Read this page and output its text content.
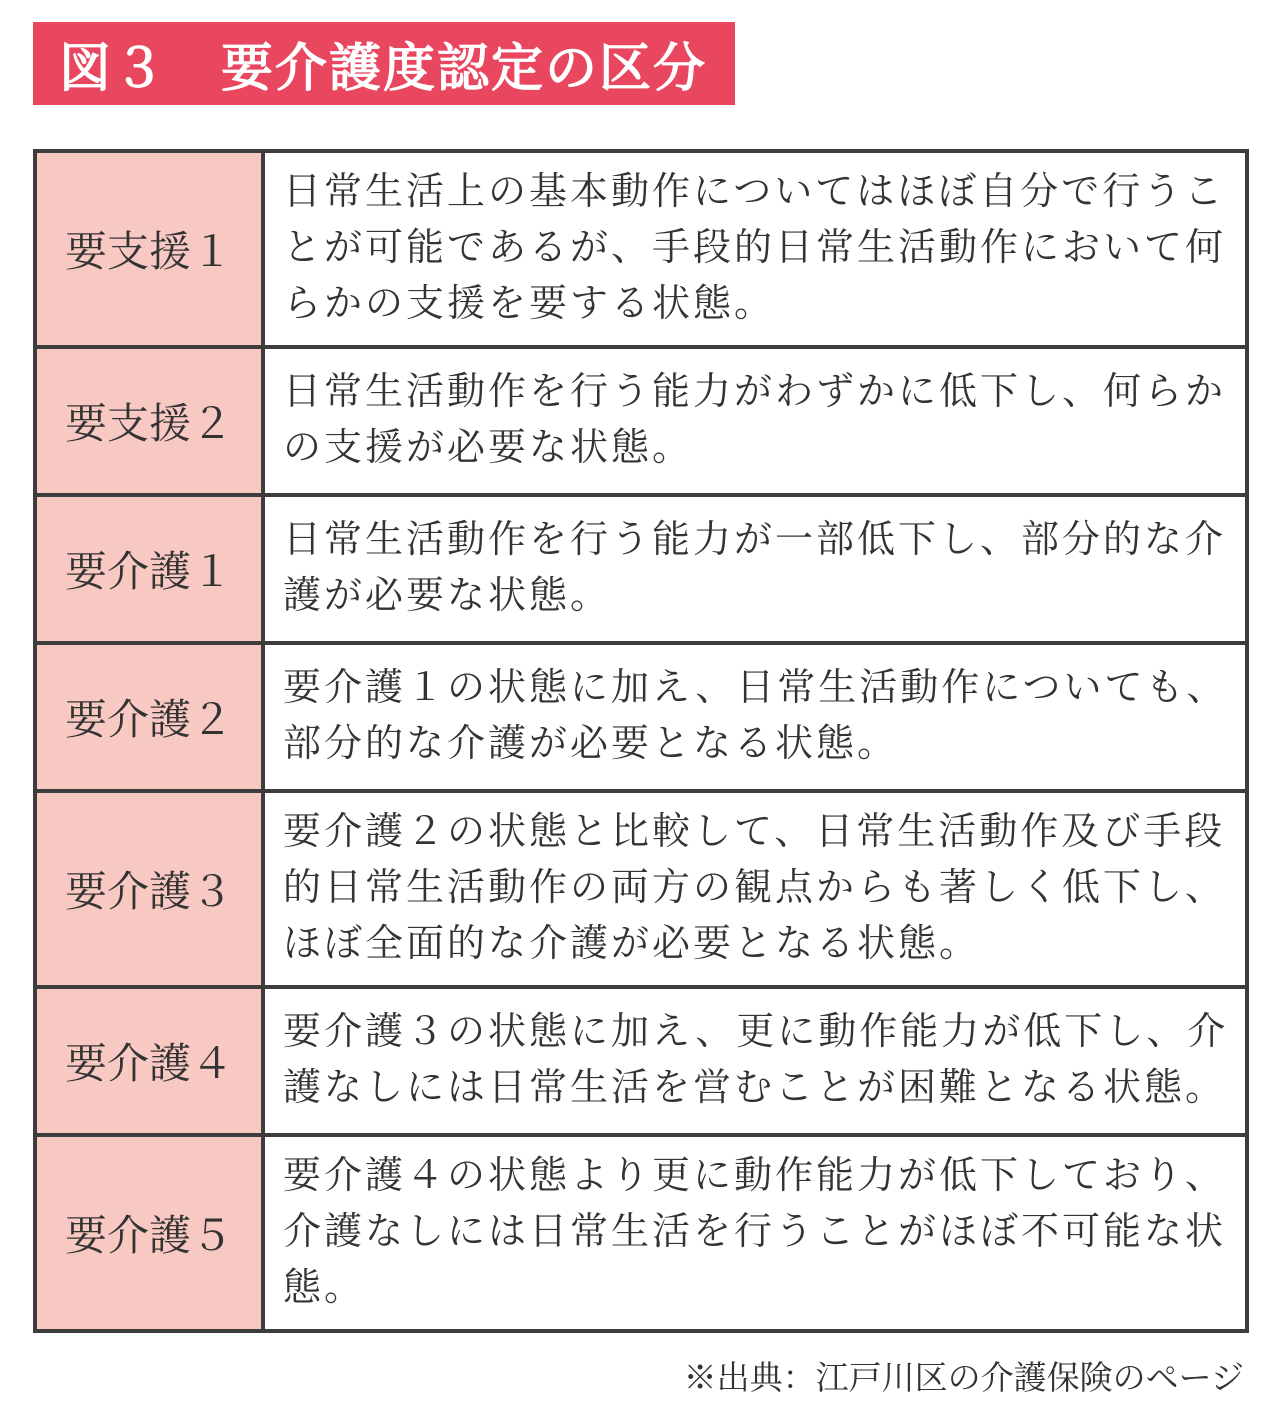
図３ 要介護度認定の区分
要支援１	日常生活上の基本動作についてはほぼ自分で行うことが可能であるが、手段的日常生活動作において何らかの支援を要する状態。
要支援２	日常生活動作を行う能力がわずかに低下し、何らかの支援が必要な状態。
要介護１	日常生活動作を行う能力が一部低下し、部分的な介護が必要な状態。
要介護２	要介護１の状態に加え、日常生活動作についても、部分的な介護が必要となる状態。
要介護３	要介護２の状態と比較して、日常生活動作及び手段的日常生活動作の両方の観点からも著しく低下し、ほぼ全面的な介護が必要となる状態。
要介護４	要介護３の状態に加え、更に動作能力が低下し、介護なしには日常生活を営むことが困難となる状態。
要介護５	要介護４の状態より更に動作能力が低下しており、介護なしには日常生活を行うことがほぼ不可能な状態。
※出典：江戸川区の介護保険のページ
